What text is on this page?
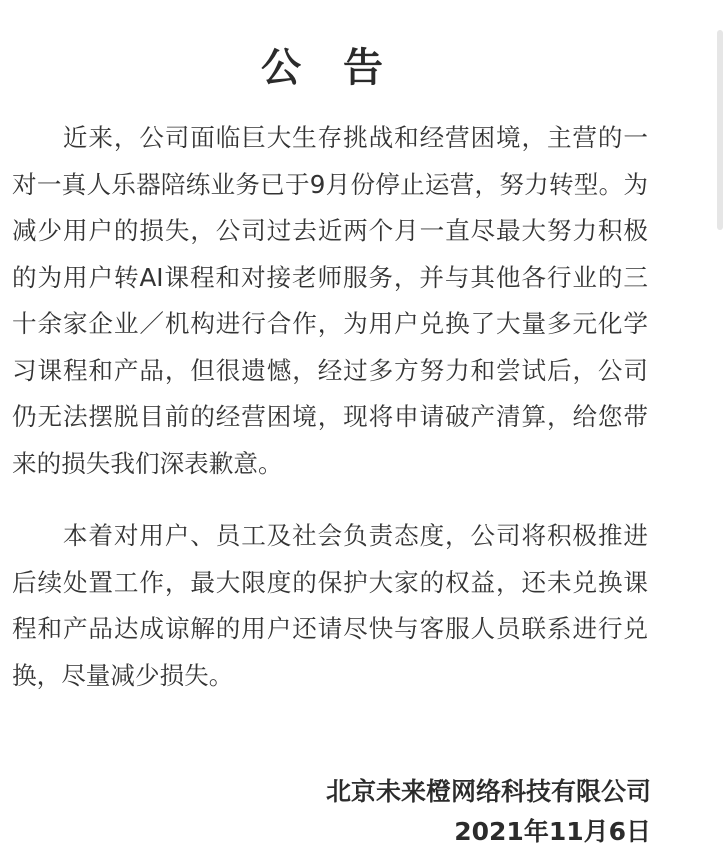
公 告

近来，公司面临巨大生存挑战和经营困境，主营的一对一真人乐器陪练业务已于9月份停止运营，努力转型。为减少用户的损失，公司过去近两个月一直尽最大努力积极的为用户转AI课程和对接老师服务，并与其他各行业的三十余家企业／机构进行合作，为用户兑换了大量多元化学习课程和产品，但很遗憾，经过多方努力和尝试后，公司仍无法摆脱目前的经营困境，现将申请破产清算，给您带来的损失我们深表歉意。

本着对用户、员工及社会负责态度，公司将积极推进后续处置工作，最大限度的保护大家的权益，还未兑换课程和产品达成谅解的用户还请尽快与客服人员联系进行兑换，尽量减少损失。

北京未来橙网络科技有限公司
2021年11月6日
